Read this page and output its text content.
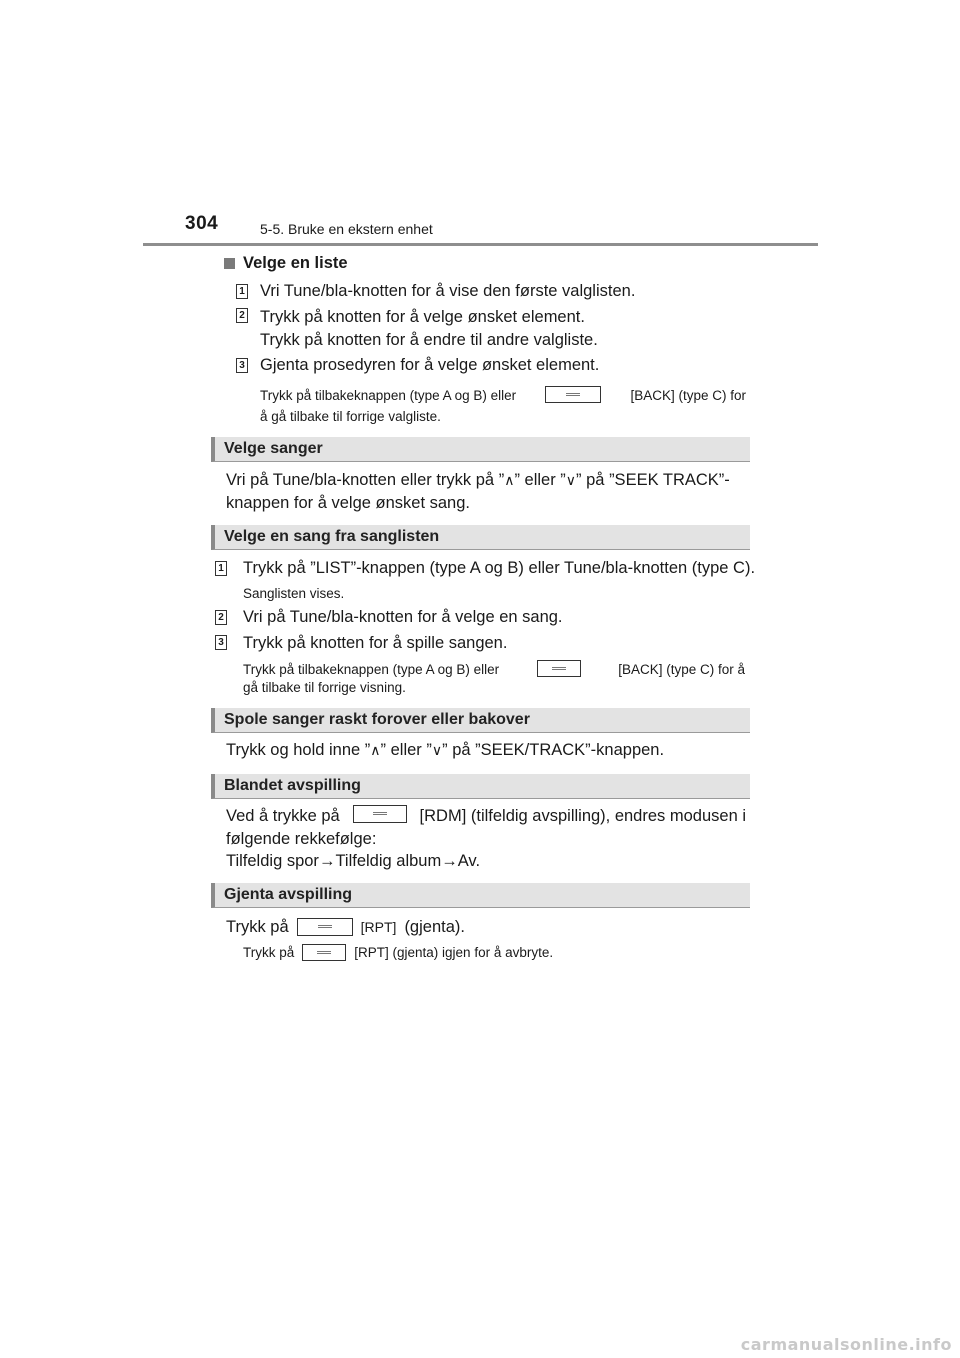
304	5-5. Bruke en ekstern enhet
Velge en liste
1 Vri Tune/bla-knotten for å vise den første valglisten.
2 Trykk på knotten for å velge ønsket element.
Trykk på knotten for å endre til andre valgliste.
3 Gjenta prosedyren for å velge ønsket element.
Trykk på tilbakeknappen (type A og B) eller	[BACK] (type C) for
å gå tilbake til forrige valgliste.
Velge sanger
Vri på Tune/bla-knotten eller trykk på ”∧” eller ”∨” på ”SEEK TRACK”-
knappen for å velge ønsket sang.
Velge en sang fra sanglisten
1 Trykk på ”LIST”-knappen (type A og B) eller Tune/bla-knotten (type C).
Sanglisten vises.
2 Vri på Tune/bla-knotten for å velge en sang.
3 Trykk på knotten for å spille sangen.
Trykk på tilbakeknappen (type A og B) eller	[BACK] (type C) for å
gå tilbake til forrige visning.
Spole sanger raskt forover eller bakover
Trykk og hold inne ”∧” eller ”∨” på ”SEEK/TRACK”-knappen.
Blandet avspilling
Ved å trykke på	[RDM] (tilfeldig avspilling), endres modusen i
følgende rekkefølge:
Tilfeldig spor→Tilfeldig album→Av.
Gjenta avspilling
Trykk på	[RPT] (gjenta).
Trykk på	[RPT] (gjenta) igjen for å avbryte.
carmanualsonline.info
